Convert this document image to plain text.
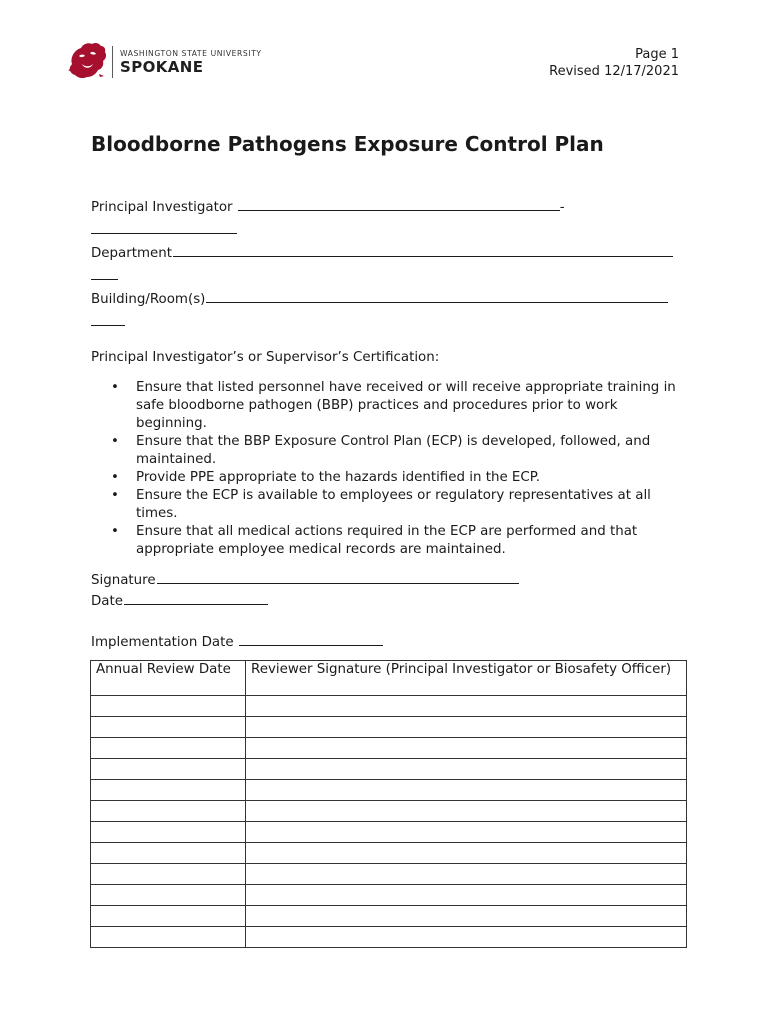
WASHINGTON STATE UNIVERSITY
SPOKANE
Page 1
Revised 12/17/2021
Bloodborne Pathogens Exposure Control Plan
Principal Investigator	-

Department

Building/Room(s)

Principal Investigator’s or Supervisor’s Certification:
• Ensure that listed personnel have received or will receive appropriate training in safe bloodborne pathogen (BBP) practices and procedures prior to work beginning.
• Ensure that the BBP Exposure Control Plan (ECP) is developed, followed, and maintained.
• Provide PPE appropriate to the hazards identified in the ECP.
• Ensure the ECP is available to employees or regulatory representatives at all times.
• Ensure that all medical actions required in the ECP are performed and that appropriate employee medical records are maintained.
Signature
Date
Implementation Date
Annual Review Date	Reviewer Signature (Principal Investigator or Biosafety Officer)
